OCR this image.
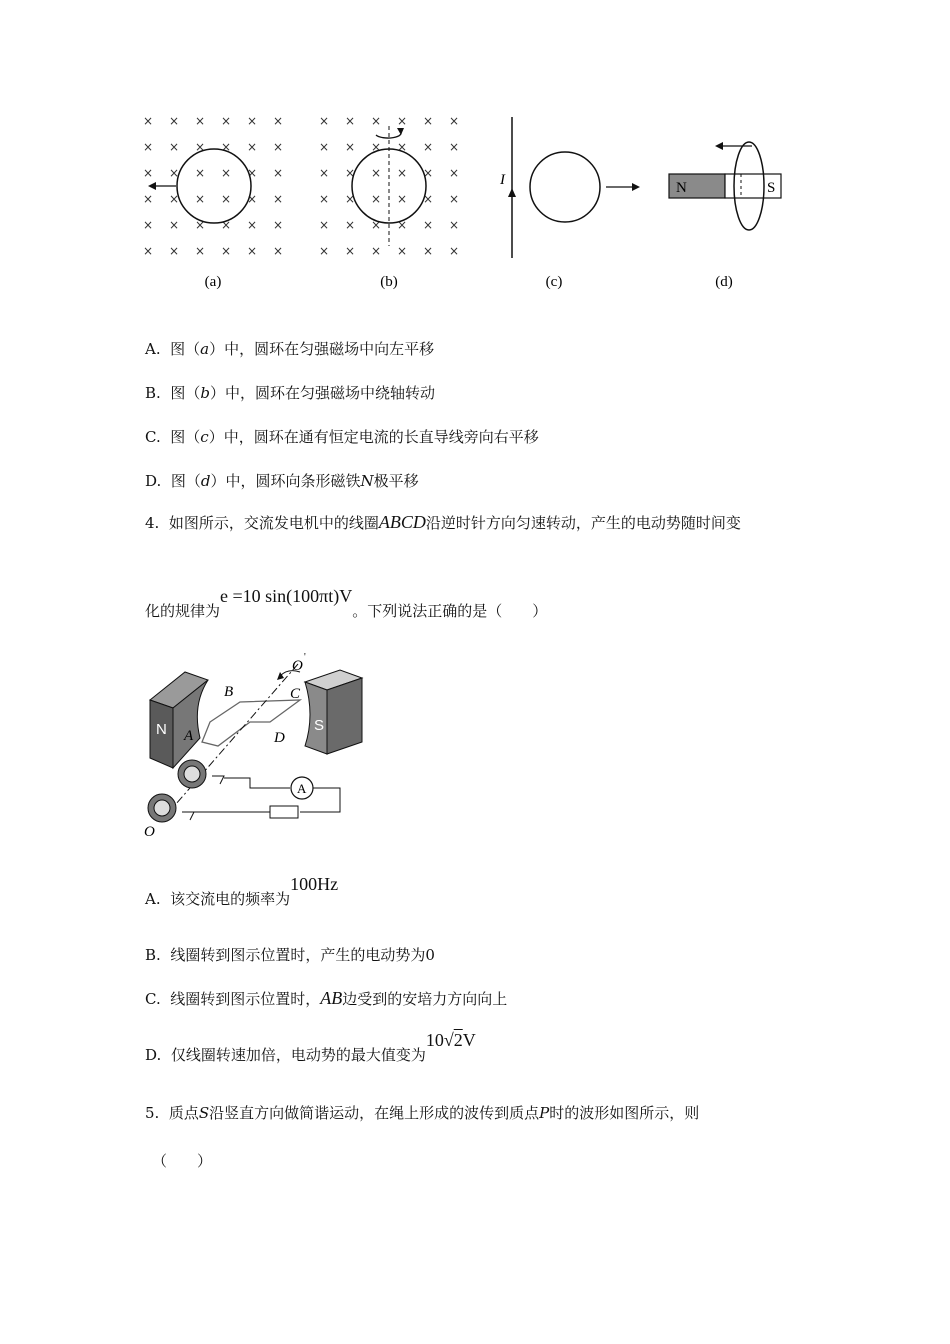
× × × × × ×
× × × × × ×
× × × × × ×
× × × × × ×
× × × × × ×
× × × × × ×
(a)
× × × × × ×
× × × × × ×
× × × × × ×
× × × × × ×
× × × × × ×
× × × × × ×
(b)
I
(c)
N	S
(d)
A. 图（a）中，圆环在匀强磁场中向左平移
B. 图（b）中，圆环在匀强磁场中绕轴转动
C. 图（c）中，圆环在通有恒定电流的长直导线旁向右平移
D. 图（d）中，圆环向条形磁铁N极平移
4. 如图所示，交流发电机中的线圈ABCD沿逆时针方向匀速转动，产生的电动势随时间变
化的规律为e =10 sin(100πt)V。下列说法正确的是（　　）
N	S
O
'
B	C
A	D
A
O
A. 该交流电的频率为100Hz
B. 线圈转到图示位置时，产生的电动势为0
C. 线圈转到图示位置时，AB边受到的安培力方向向上
D. 仅线圈转速加倍，电动势的最大值变为10√2V
5. 质点S沿竖直方向做简谐运动，在绳上形成的波传到质点P时的波形如图所示，则
（　　）
